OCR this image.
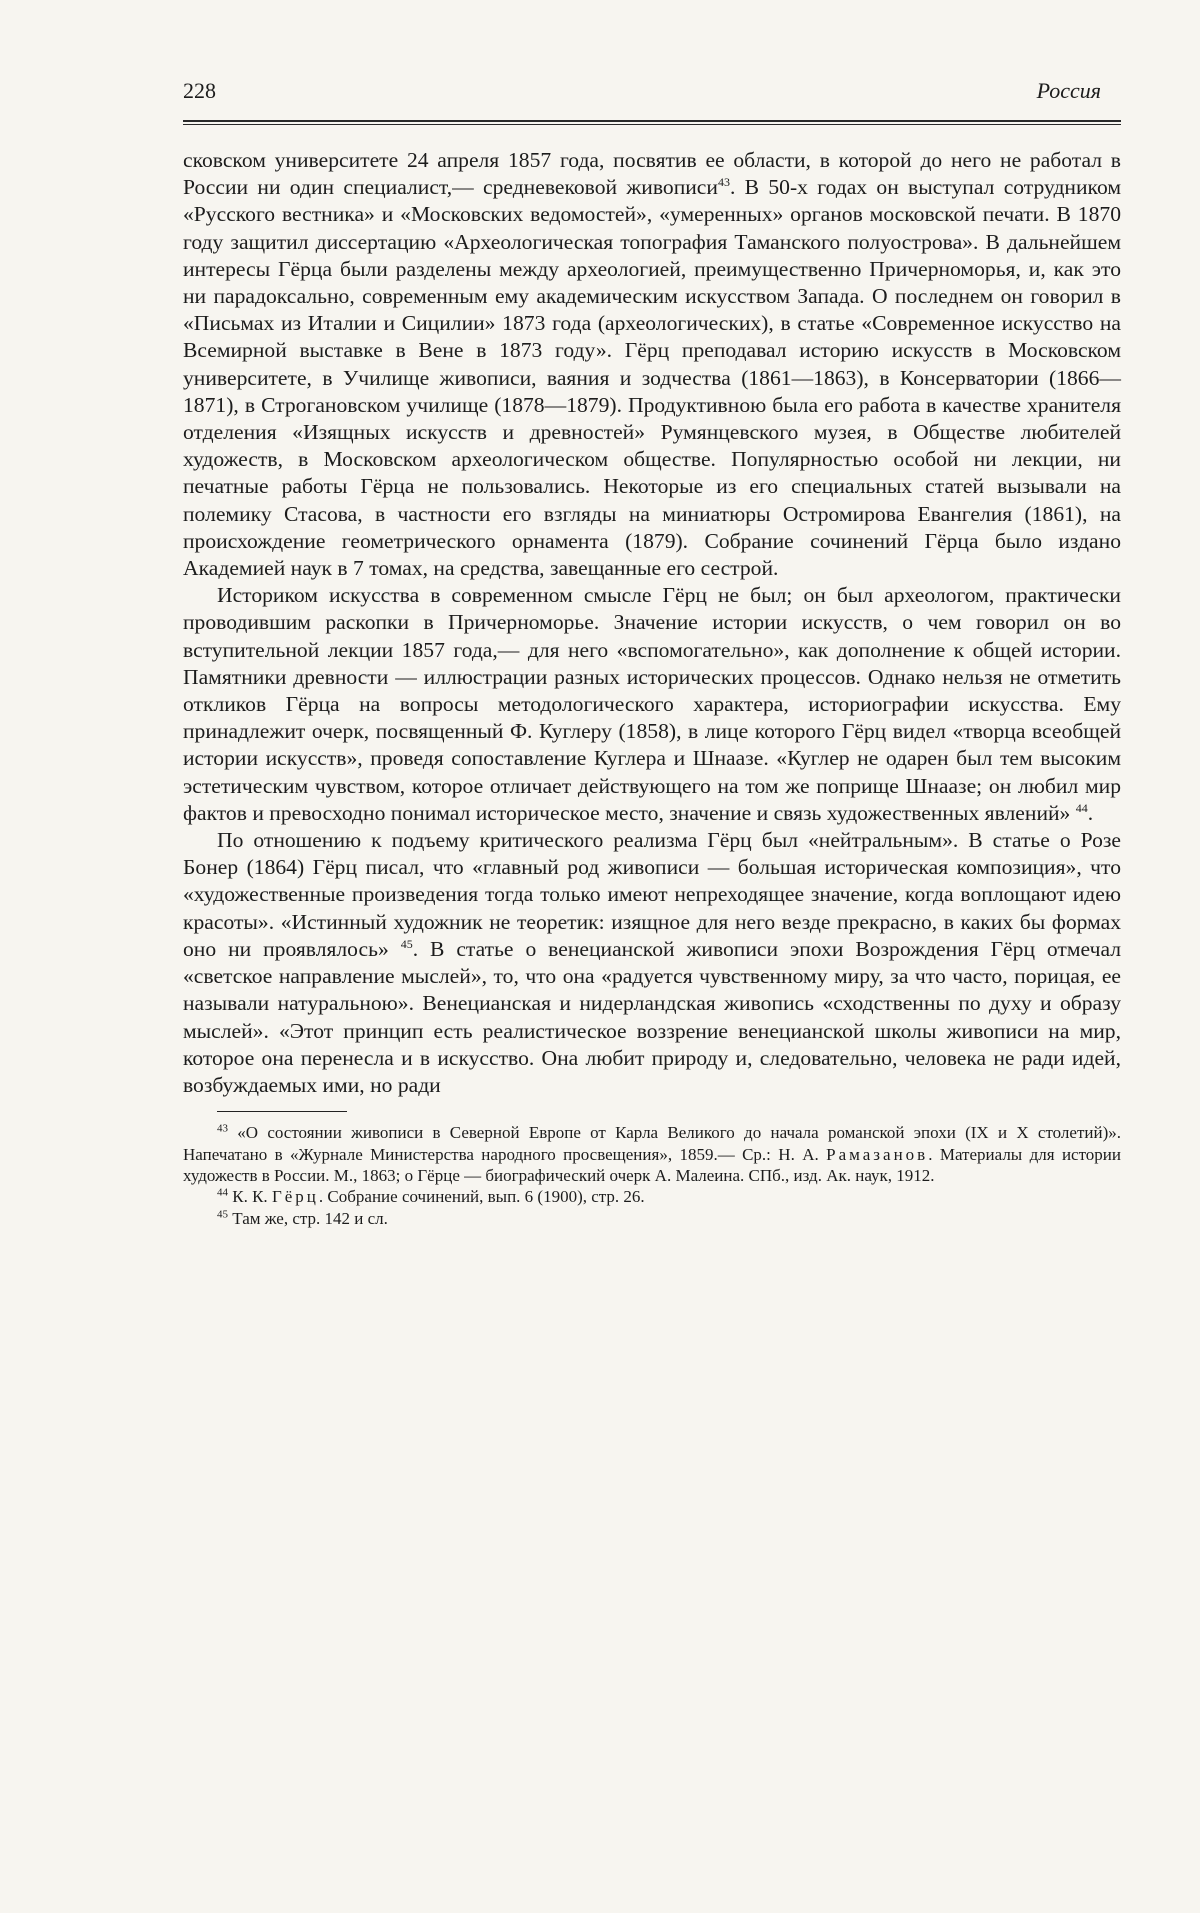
228	Россия

сковском университете 24 апреля 1857 года, посвятив ее области, в которой до него не работал в России ни один специалист,— средневековой живописи$^{43}$. В 50-х годах он выступал сотрудником «Русского вестника» и «Московских ведомостей», «умеренных» органов московской печати. В 1870 году защитил диссертацию «Археологическая топография Таманского полуострова». В дальнейшем интересы Гёрца были разделены между археологией, преимущественно Причерноморья, и, как это ни парадоксально, современным ему академическим искусством Запада. О последнем он говорил в «Письмах из Италии и Сицилии» 1873 года (археологических), в статье «Современное искусство на Всемирной выставке в Вене в 1873 году». Гёрц преподавал историю искусств в Московском университете, в Училище живописи, ваяния и зодчества (1861—1863), в Консерватории (1866—1871), в Строгановском училище (1878—1879). Продуктивною была его работа в качестве хранителя отделения «Изящных искусств и древностей» Румянцевского музея, в Обществе любителей художеств, в Московском археологическом обществе. Популярностью особой ни лекции, ни печатные работы Гёрца не пользовались. Некоторые из его специальных статей вызывали на полемику Стасова, в частности его взгляды на миниатюры Остромирова Евангелия (1861), на происхождение геометрического орнамента (1879). Собрание сочинений Гёрца было издано Академией наук в 7 томах, на средства, завещанные его сестрой.

Историком искусства в современном смысле Гёрц не был; он был археологом, практически проводившим раскопки в Причерноморье. Значение истории искусств, о чем говорил он во вступительной лекции 1857 года,— для него «вспомогательно», как дополнение к общей истории. Памятники древности — иллюстрации разных исторических процессов. Однако нельзя не отметить откликов Гёрца на вопросы методологического характера, историографии искусства. Ему принадлежит очерк, посвященный Ф. Куглеру (1858), в лице которого Гёрц видел «творца всеобщей истории искусств», проведя сопоставление Куглера и Шнаазе. «Куглер не одарен был тем высоким эстетическим чувством, которое отличает действующего на том же поприще Шнаазе; он любил мир фактов и превосходно понимал историческое место, значение и связь художественных явлений» $^{44}$.

По отношению к подъему критического реализма Гёрц был «нейтральным». В статье о Розе Бонер (1864) Гёрц писал, что «главный род живописи — большая историческая композиция», что «художественные произведения тогда только имеют непреходящее значение, когда воплощают идею красоты». «Истинный художник не теоретик: изящное для него везде прекрасно, в каких бы формах оно ни проявлялось» $^{45}$. В статье о венецианской живописи эпохи Возрождения Гёрц отмечал «светское направление мыслей», то, что она «радуется чувственному миру, за что часто, порицая, ее называли натуральною». Венецианская и нидерландская живопись «сходственны по духу и образу мыслей». «Этот принцип есть реалистическое воззрение венецианской школы живописи на мир, которое она перенесла и в искусство. Она любит природу и, следовательно, человека не ради идей, возбуждаемых ими, но ради

$^{43}$ «О состоянии живописи в Северной Европе от Карла Великого до начала романской эпохи (IX и X столетий)». Напечатано в «Журнале Министерства народного просвещения», 1859.— Ср.: Н. А. Рамазанов. Материалы для истории художеств в России. М., 1863; о Гёрце — биографический очерк А. Малеина. СПб., изд. Ак. наук, 1912.

$^{44}$ К. К. Гёрц. Собрание сочинений, вып. 6 (1900), стр. 26.

$^{45}$ Там же, стр. 142 и сл.
